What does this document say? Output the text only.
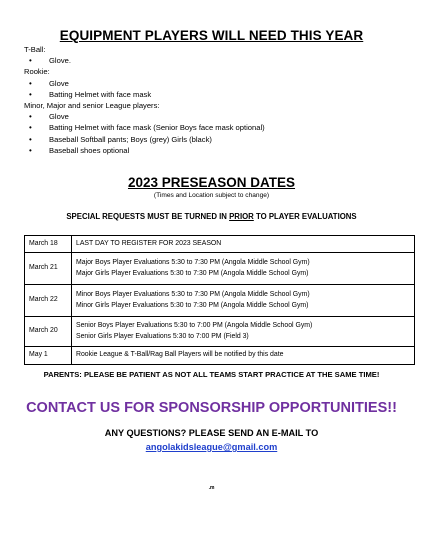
EQUIPMENT PLAYERS WILL NEED THIS YEAR
T-Ball:
• Glove.
Rookie:
• Glove
• Batting Helmet with face mask
Minor, Major and senior League players:
• Glove
• Batting Helmet with face mask (Senior Boys face mask optional)
• Baseball Softball pants; Boys (grey) Girls (black)
• Baseball shoes optional
2023 PRESEASON DATES
(Times and Location subject to change)
SPECIAL REQUESTS MUST BE TURNED IN PRIOR TO PLAYER EVALUATIONS
March 18	LAST DAY TO REGISTER FOR 2023 SEASON

March 21	Major Boys Player Evaluations 5:30 to 7:30 PM (Angola Middle School Gym)
Major Girls Player Evaluations 5:30 to 7:30 PM (Angola Middle School Gym)

March 22	Minor Boys Player Evaluations 5:30 to 7:30 PM (Angola Middle School Gym)
Minor Girls Player Evaluations 5:30 to 7:30 PM (Angola Middle School Gym)

March 20	Senior Boys Player Evaluations 5:30 to 7:00 PM (Angola Middle School Gym)
Senior Girls Player Evaluations 5:30 to 7:00 PM (Field 3)

May 1	Rookie League & T-Ball/Rag Ball Players will be notified by this date
PARENTS: PLEASE BE PATIENT AS NOT ALL TEAMS START PRACTICE AT THE SAME TIME!
CONTACT US FOR SPONSORSHIP OPPORTUNITIES!!
ANY QUESTIONS? PLEASE SEND AN E-MAIL TO
angolakidsleague@gmail.com
.m
